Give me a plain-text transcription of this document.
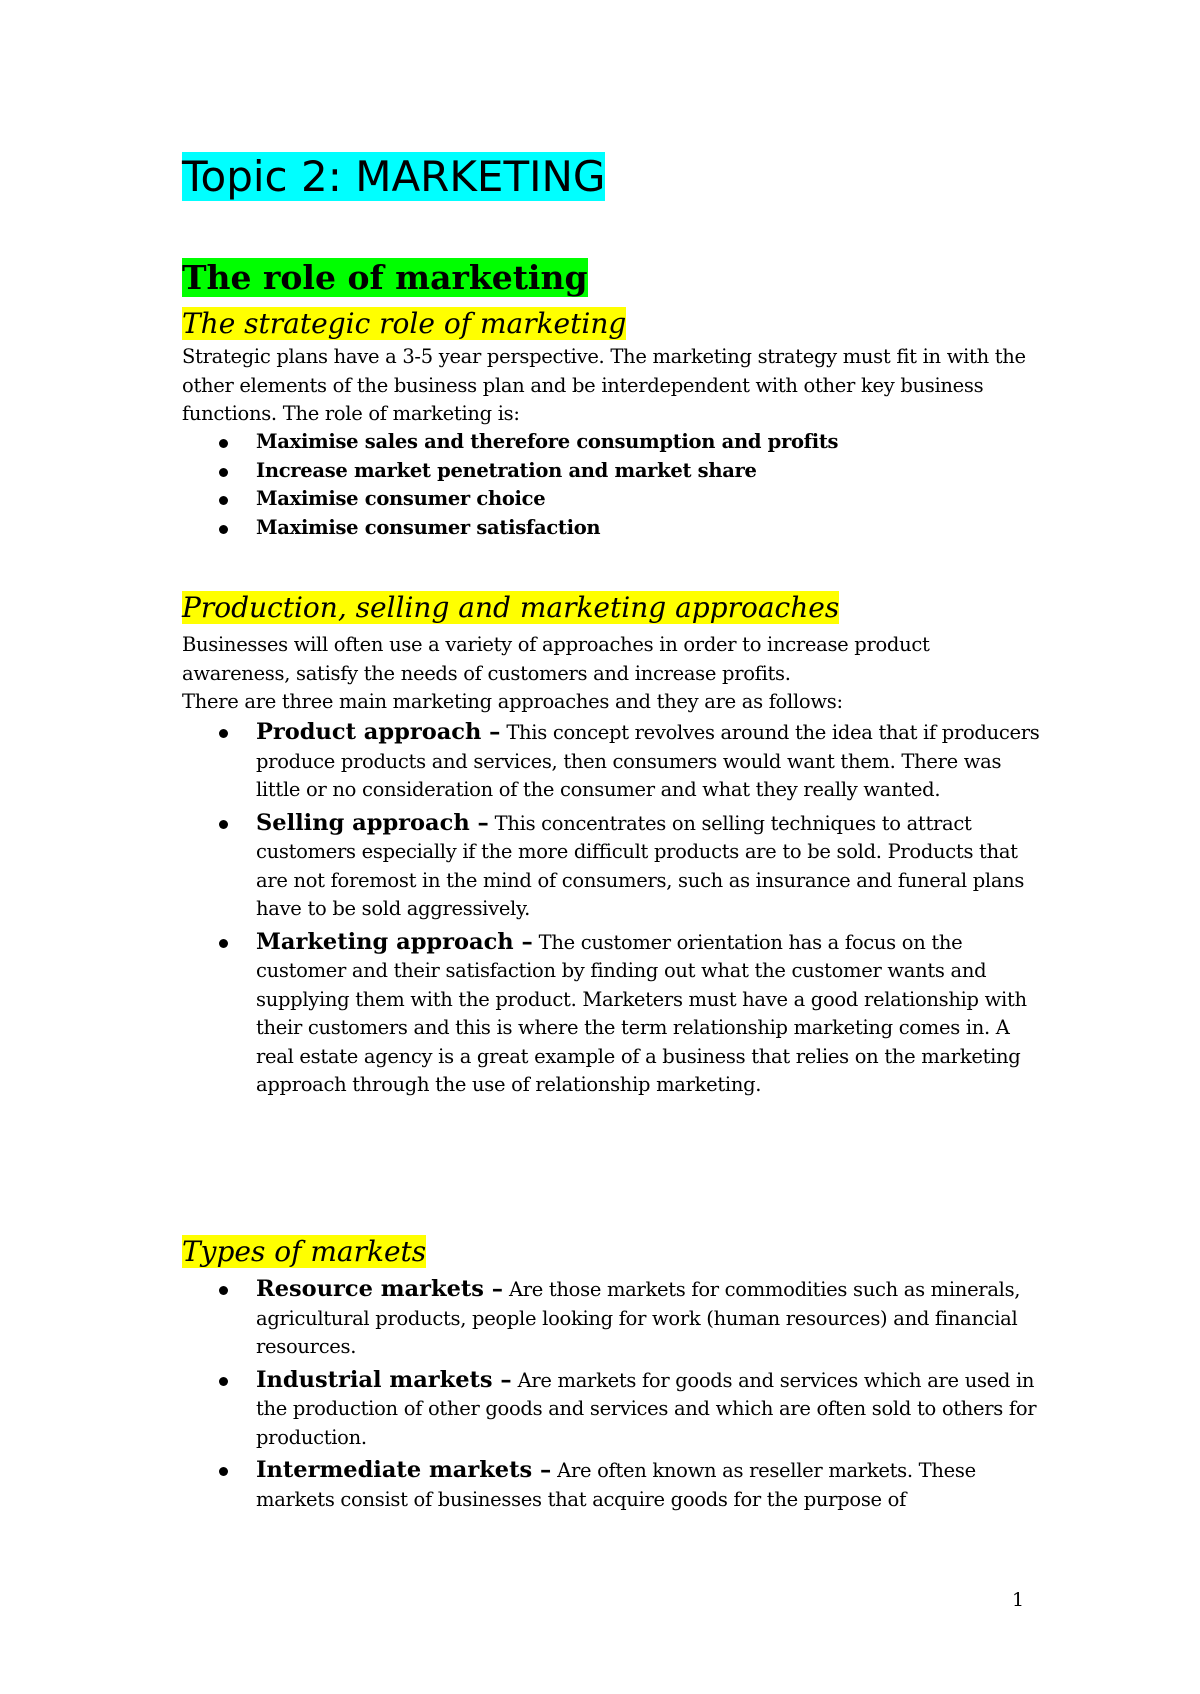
Topic 2: MARKETING
The role of marketing
The strategic role of marketing

Strategic plans have a 3-5 year perspective. The marketing strategy must fit in with the other elements of the business plan and be interdependent with other key business functions. The role of marketing is:

Maximise sales and therefore consumption and profits
Increase market penetration and market share
Maximise consumer choice
Maximise consumer satisfaction
Production, selling and marketing approaches

Businesses will often use a variety of approaches in order to increase product awareness, satisfy the needs of customers and increase profits.

There are three main marketing approaches and they are as follows:

Product approach – This concept revolves around the idea that if producers produce products and services, then consumers would want them. There was little or no consideration of the consumer and what they really wanted.
Selling approach – This concentrates on selling techniques to attract customers especially if the more difficult products are to be sold. Products that are not foremost in the mind of consumers, such as insurance and funeral plans have to be sold aggressively.
Marketing approach – The customer orientation has a focus on the customer and their satisfaction by finding out what the customer wants and supplying them with the product. Marketers must have a good relationship with their customers and this is where the term relationship marketing comes in. A real estate agency is a great example of a business that relies on the marketing approach through the use of relationship marketing.
Types of markets
Resource markets – Are those markets for commodities such as minerals, agricultural products, people looking for work (human resources) and financial resources.
Industrial markets – Are markets for goods and services which are used in the production of other goods and services and which are often sold to others for production.
Intermediate markets – Are often known as reseller markets. These markets consist of businesses that acquire goods for the purpose of
1
